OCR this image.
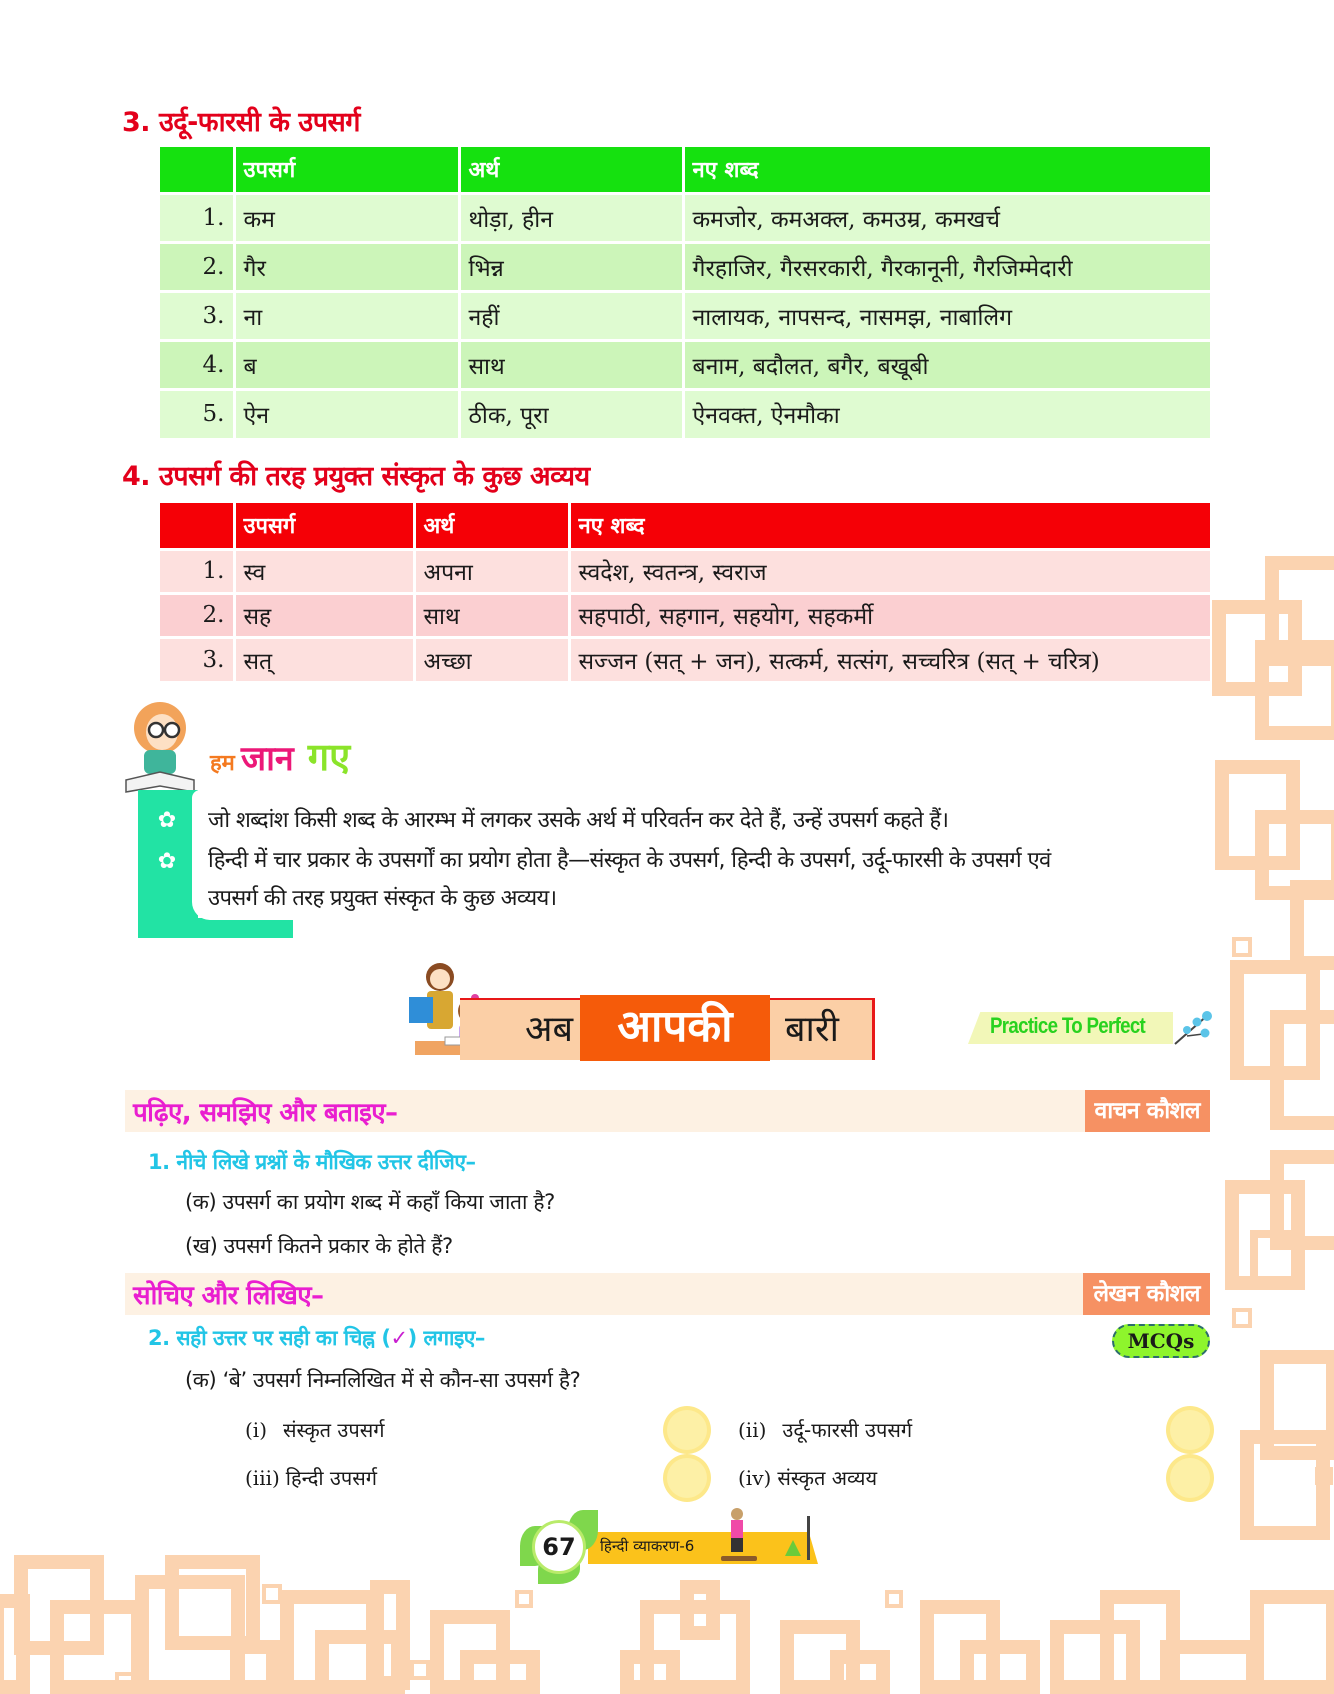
3. उर्दू-फारसी के उपसर्ग
	उपसर्ग	अर्थ	नए शब्द
1.	कम	थोड़ा, हीन	कमजोर, कमअक्ल, कमउम्र, कमखर्च
2.	गैर	भिन्न	गैरहाजिर, गैरसरकारी, गैरकानूनी, गैरजिम्मेदारी
3.	ना	नहीं	नालायक, नापसन्द, नासमझ, नाबालिग
4.	ब	साथ	बनाम, बदौलत, बगैर, बखूबी
5.	ऐन	ठीक, पूरा	ऐनवक्त, ऐनमौका
4. उपसर्ग की तरह प्रयुक्त संस्कृत के कुछ अव्यय
	उपसर्ग	अर्थ	नए शब्द
1.	स्व	अपना	स्वदेश, स्वतन्त्र, स्वराज
2.	सह	साथ	सहपाठी, सहगान, सहयोग, सहकर्मी
3.	सत्	अच्छा	सज्जन (सत् + जन), सत्कर्म, सत्संग, सच्चरित्र (सत् + चरित्र)
हम जान गए
✿
✿
जो शब्दांश किसी शब्द के आरम्भ में लगकर उसके अर्थ में परिवर्तन कर देते हैं, उन्हें उपसर्ग कहते हैं।
हिन्दी में चार प्रकार के उपसर्गों का प्रयोग होता है—संस्कृत के उपसर्ग, हिन्दी के उपसर्ग, उर्दू-फारसी के उपसर्ग एवं
उपसर्ग की तरह प्रयुक्त संस्कृत के कुछ अव्यय।
अब	आपकी	बारी	Practice To Perfect
पढ़िए, समझिए और बताइए–	वाचन कौशल
1. नीचे लिखे प्रश्नों के मौखिक उत्तर दीजिए–
(क) उपसर्ग का प्रयोग शब्द में कहाँ किया जाता है?
(ख) उपसर्ग कितने प्रकार के होते हैं?
सोचिए और लिखिए–	लेखन कौशल
2. सही उत्तर पर सही का चिह्न (✓) लगाइए–	MCQs
(क) ‘बे’ उपसर्ग निम्नलिखित में से कौन-सा उपसर्ग है?
(i) संस्कृत उपसर्ग	(ii) उर्दू-फारसी उपसर्ग
(iii) हिन्दी उपसर्ग	(iv) संस्कृत अव्यय
हिन्दी व्याकरण-6
67
